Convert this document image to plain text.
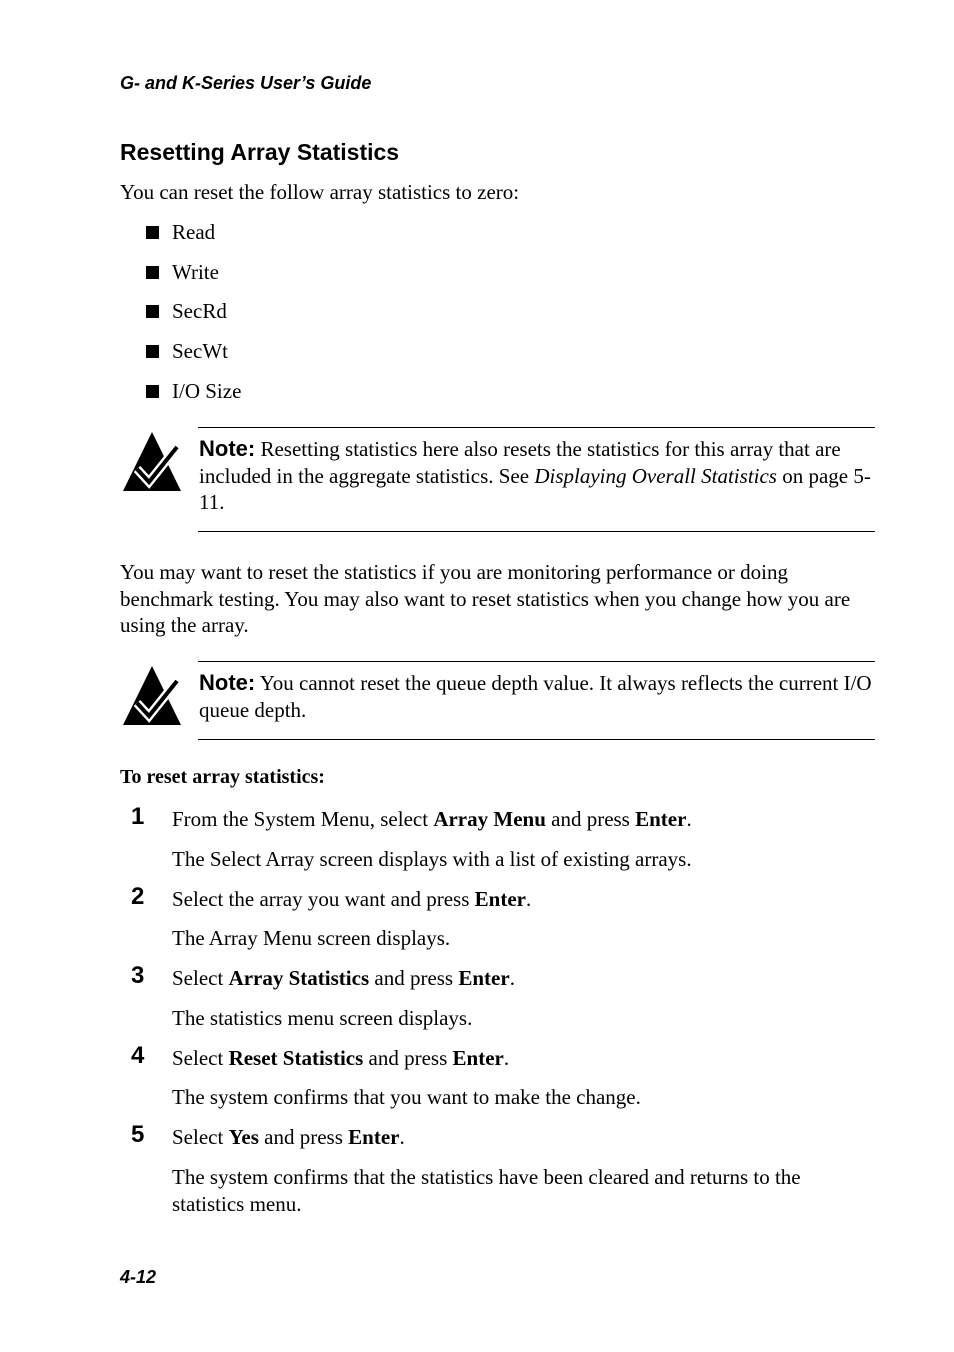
G- and K-Series User’s Guide
Resetting Array Statistics
You can reset the follow array statistics to zero:
Read
Write
SecRd
SecWt
I/O Size
Note: Resetting statistics here also resets the statistics for this array that are included in the aggregate statistics. See Displaying Overall Statistics on page 5-11.
You may want to reset the statistics if you are monitoring performance or doing benchmark testing. You may also want to reset statistics when you change how you are using the array.
Note: You cannot reset the queue depth value. It always reflects the current I/O queue depth.
To reset array statistics:
1 From the System Menu, select Array Menu and press Enter.
The Select Array screen displays with a list of existing arrays.
2 Select the array you want and press Enter.
The Array Menu screen displays.
3 Select Array Statistics and press Enter.
The statistics menu screen displays.
4 Select Reset Statistics and press Enter.
The system confirms that you want to make the change.
5 Select Yes and press Enter.
The system confirms that the statistics have been cleared and returns to the statistics menu.
4-12
